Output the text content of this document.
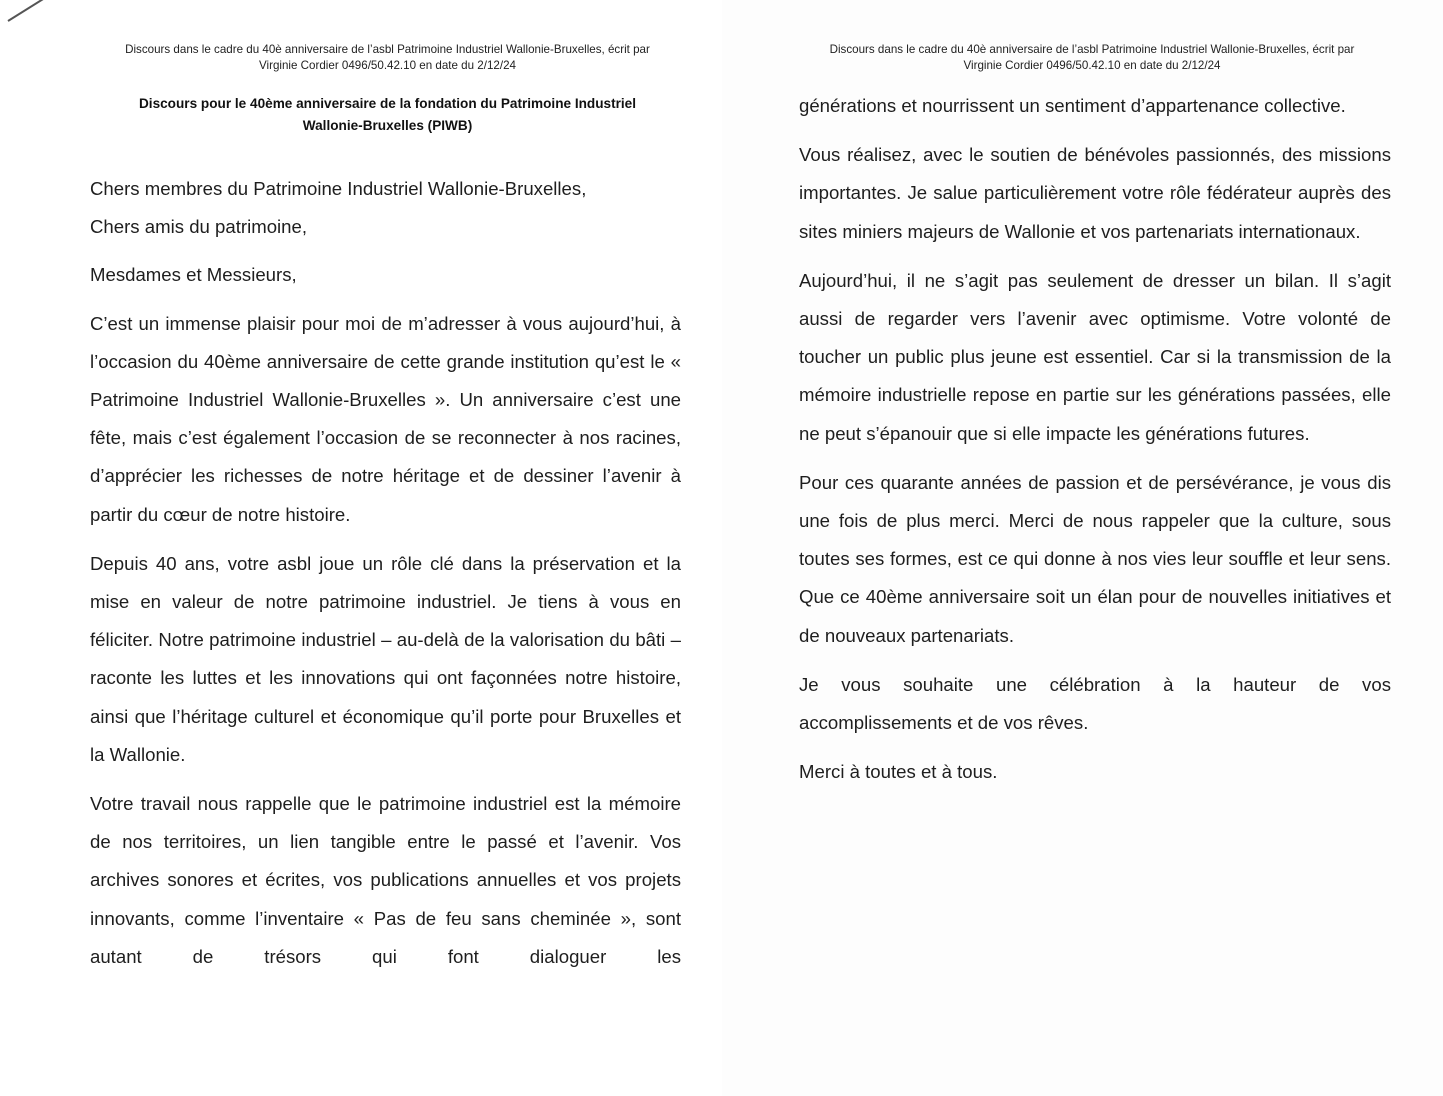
Discours dans le cadre du 40è anniversaire de l’asbl Patrimoine Industriel Wallonie-Bruxelles, écrit par
Virginie Cordier 0496/50.42.10 en date du 2/12/24
Discours pour le 40ème anniversaire de la fondation du Patrimoine Industriel
Wallonie-Bruxelles (PIWB)

Chers membres du Patrimoine Industriel Wallonie-Bruxelles,

Chers amis du patrimoine,

Mesdames et Messieurs,

C’est un immense plaisir pour moi de m’adresser à vous aujourd’hui, à l’occasion du 40ème anniversaire de cette grande institution qu’est le « Patrimoine Industriel Wallonie-Bruxelles ». Un anniversaire c’est une fête, mais c’est également l’occasion de se reconnecter à nos racines, d’apprécier les richesses de notre héritage et de dessiner l’avenir à partir du cœur de notre histoire.

Depuis 40 ans, votre asbl joue un rôle clé dans la préservation et la mise en valeur de notre patrimoine industriel. Je tiens à vous en féliciter. Notre patrimoine industriel – au-delà de la valorisation du bâti – raconte les luttes et les innovations qui ont façonnées notre histoire, ainsi que l’héritage culturel et économique qu’il porte pour Bruxelles et la Wallonie.

Votre travail nous rappelle que le patrimoine industriel est la mémoire de nos territoires, un lien tangible entre le passé et l’avenir. Vos archives sonores et écrites, vos publications annuelles et vos projets innovants, comme l’inventaire « Pas de feu sans cheminée », sont autant de trésors qui font dialoguer les

Discours dans le cadre du 40è anniversaire de l’asbl Patrimoine Industriel Wallonie-Bruxelles, écrit par
Virginie Cordier 0496/50.42.10 en date du 2/12/24

générations et nourrissent un sentiment d’appartenance collective.

Vous réalisez, avec le soutien de bénévoles passionnés, des missions importantes. Je salue particulièrement votre rôle fédérateur auprès des sites miniers majeurs de Wallonie et vos partenariats internationaux.

Aujourd’hui, il ne s’agit pas seulement de dresser un bilan. Il s’agit aussi de regarder vers l’avenir avec optimisme. Votre volonté de toucher un public plus jeune est essentiel. Car si la transmission de la mémoire industrielle repose en partie sur les générations passées, elle ne peut s’épanouir que si elle impacte les générations futures.

Pour ces quarante années de passion et de persévérance, je vous dis une fois de plus merci. Merci de nous rappeler que la culture, sous toutes ses formes, est ce qui donne à nos vies leur souffle et leur sens. Que ce 40ème anniversaire soit un élan pour de nouvelles initiatives et de nouveaux partenariats.

Je vous souhaite une célébration à la hauteur de vos accomplissements et de vos rêves.

Merci à toutes et à tous.
